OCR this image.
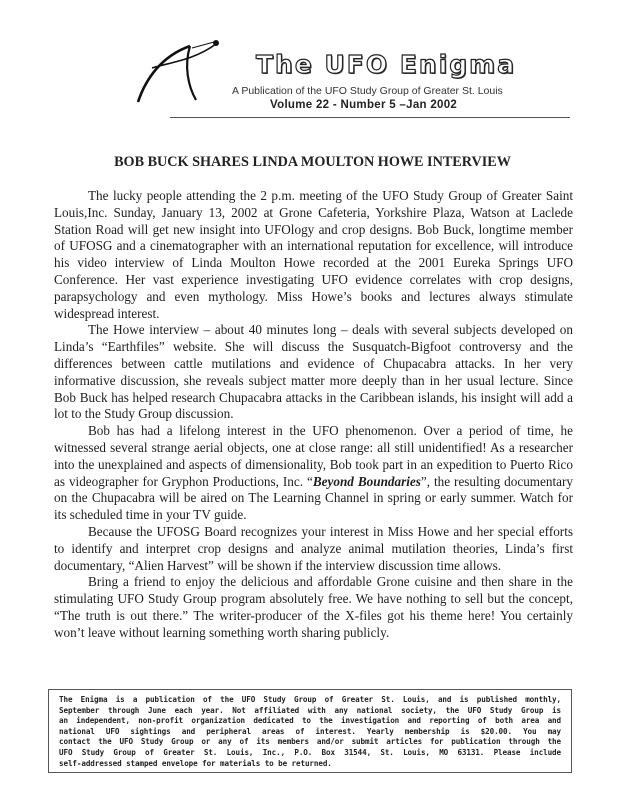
The UFO Enigma
A Publication of the UFO Study Group of Greater St. Louis
Volume 22 - Number 5 –Jan 2002
BOB BUCK SHARES LINDA MOULTON HOWE INTERVIEW

The lucky people attending the 2 p.m. meeting of the UFO Study Group of Greater Saint Louis,Inc. Sunday, January 13, 2002 at Grone Cafeteria, Yorkshire Plaza, Watson at Laclede Station Road will get new insight into UFOlogy and crop designs. Bob Buck, longtime member of UFOSG and a cinematographer with an international reputation for excellence, will introduce his video interview of Linda Moulton Howe recorded at the 2001 Eureka Springs UFO Conference. Her vast experience investigating UFO evidence correlates with crop designs, parapsychology and even mythology. Miss Howe’s books and lectures always stimulate widespread interest.

The Howe interview – about 40 minutes long – deals with several subjects developed on Linda’s “Earthfiles” website. She will discuss the Susquatch-Bigfoot controversy and the differences between cattle mutilations and evidence of Chupacabra attacks. In her very informative discussion, she reveals subject matter more deeply than in her usual lecture. Since Bob Buck has helped research Chupacabra attacks in the Caribbean islands, his insight will add a lot to the Study Group discussion.

Bob has had a lifelong interest in the UFO phenomenon. Over a period of time, he witnessed several strange aerial objects, one at close range: all still unidentified! As a researcher into the unexplained and aspects of dimensionality, Bob took part in an expedition to Puerto Rico as videographer for Gryphon Productions, Inc. “Beyond Boundaries”, the resulting documentary on the Chupacabra will be aired on The Learning Channel in spring or early summer. Watch for its scheduled time in your TV guide.

Because the UFOSG Board recognizes your interest in Miss Howe and her special efforts to identify and interpret crop designs and analyze animal mutilation theories, Linda’s first documentary, “Alien Harvest” will be shown if the interview discussion time allows.

Bring a friend to enjoy the delicious and affordable Grone cuisine and then share in the stimulating UFO Study Group program absolutely free. We have nothing to sell but the concept, “The truth is out there.” The writer-producer of the X-files got his theme here! You certainly won’t leave without learning something worth sharing publicly.

The Enigma is a publication of the UFO Study Group of Greater St. Louis, and is published monthly,
September through June each year. Not affiliated with any national society, the UFO Study Group is
an independent, non-profit organization dedicated to the investigation and reporting of both area and
national UFO sightings and peripheral areas of interest. Yearly membership is $20.00. You may
contact the UFO Study Group or any of its members and/or submit articles for publication through the
UFO Study Group of Greater St. Louis, Inc., P.O. Box 31544, St. Louis, MO 63131. Please include
self-addressed stamped envelope for materials to be returned.
